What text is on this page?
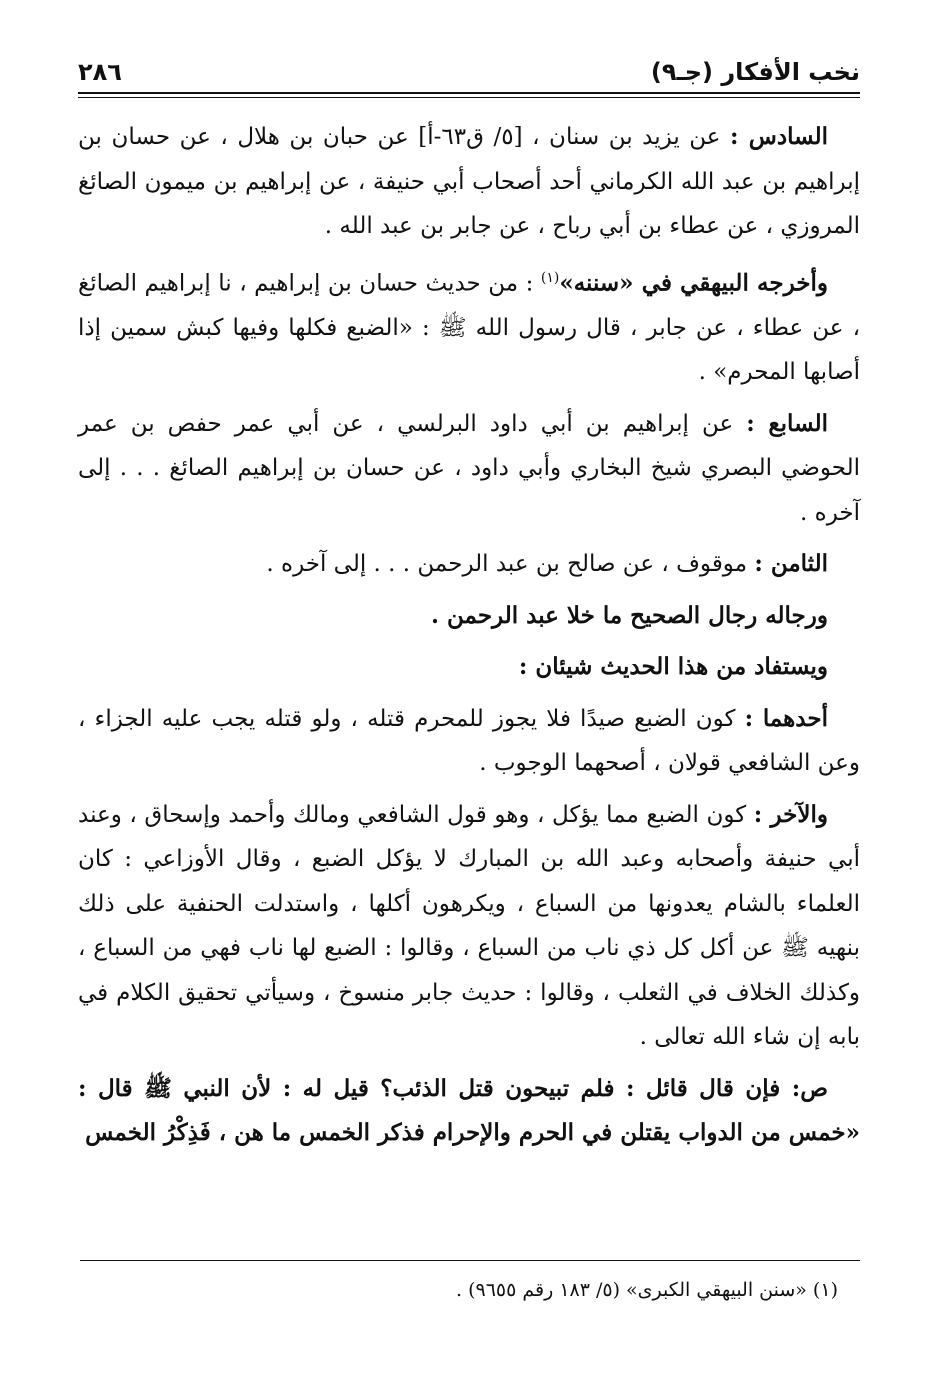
نخب الأفكار (جـ٩)
٢٨٦

السادس : عن يزيد بن سنان ، [٥/ ق٦٣-أ] عن حبان بن هلال ، عن حسان بن إبراهيم بن عبد الله الكرماني أحد أصحاب أبي حنيفة ، عن إبراهيم بن ميمون الصائغ المروزي ، عن عطاء بن أبي رباح ، عن جابر بن عبد الله .

وأخرجه البيهقي في «سننه»$^{(١)}$ : من حديث حسان بن إبراهيم ، نا إبراهيم الصائغ ، عن عطاء ، عن جابر ، قال رسول الله ﷺ : «الضبع فكلها وفيها كبش سمين إذا أصابها المحرم» .

السابع : عن إبراهيم بن أبي داود البرلسي ، عن أبي عمر حفص بن عمر الحوضي البصري شيخ البخاري وأبي داود ، عن حسان بن إبراهيم الصائغ . . . إلى آخره .

الثامن : موقوف ، عن صالح بن عبد الرحمن . . . إلى آخره .

ورجاله رجال الصحيح ما خلا عبد الرحمن .

ويستفاد من هذا الحديث شيئان :

أحدهما : كون الضبع صيدًا فلا يجوز للمحرم قتله ، ولو قتله يجب عليه الجزاء ، وعن الشافعي قولان ، أصحهما الوجوب .

والآخر : كون الضبع مما يؤكل ، وهو قول الشافعي ومالك وأحمد وإسحاق ، وعند أبي حنيفة وأصحابه وعبد الله بن المبارك لا يؤكل الضبع ، وقال الأوزاعي : كان العلماء بالشام يعدونها من السباع ، ويكرهون أكلها ، واستدلت الحنفية على ذلك بنهيه ﷺ عن أكل كل ذي ناب من السباع ، وقالوا : الضبع لها ناب فهي من السباع ، وكذلك الخلاف في الثعلب ، وقالوا : حديث جابر منسوخ ، وسيأتي تحقيق الكلام في بابه إن شاء الله تعالى .

ص: فإن قال قائل : فلم تبيحون قتل الذئب؟ قيل له : لأن النبي ﷺ قال : «خمس من الدواب يقتلن في الحرم والإحرام فذكر الخمس ما هن ، فَذِكْرُ الخمس

(١) «سنن البيهقي الكبرى» (٥/ ١٨٣ رقم ٩٦٥٥) .
